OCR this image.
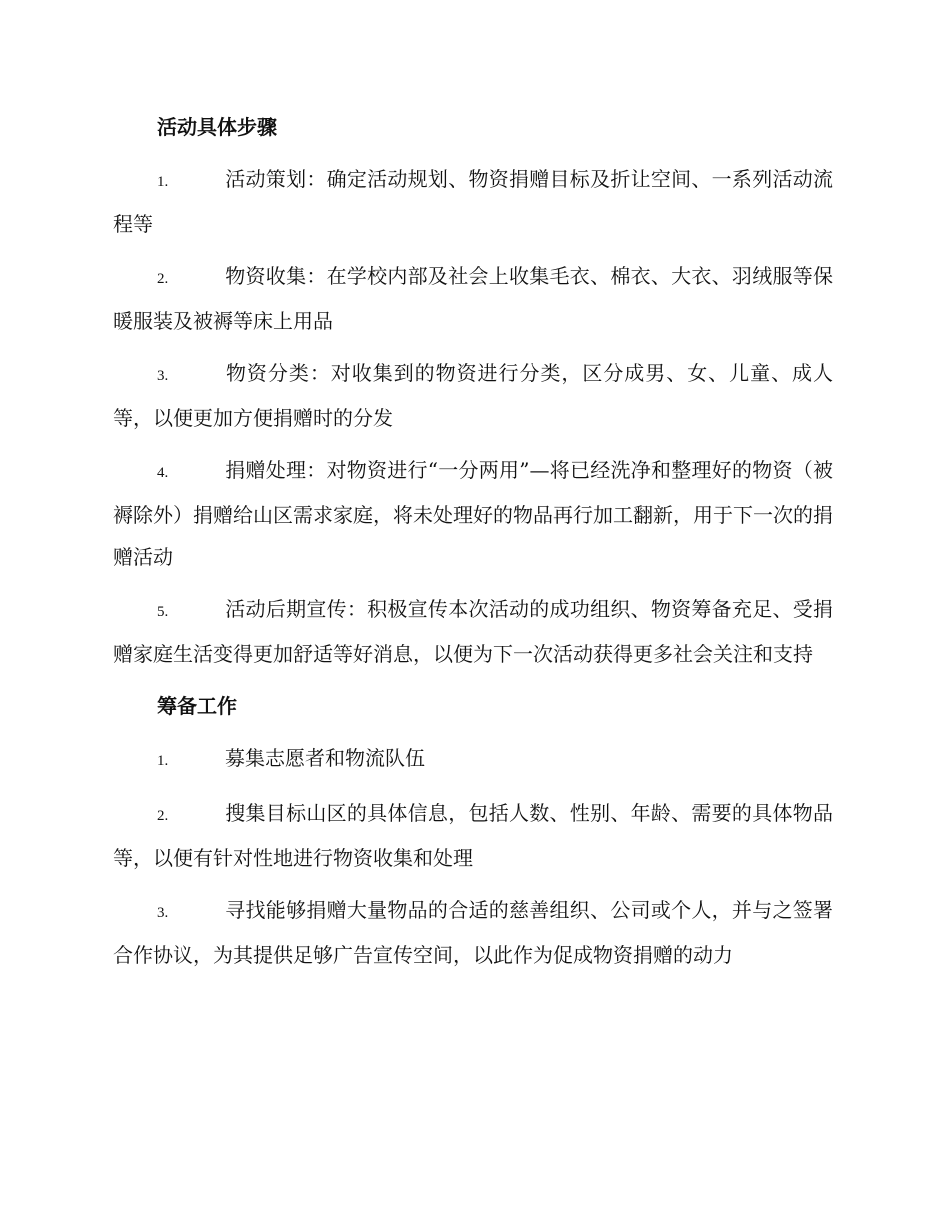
活动具体步骤

1.	活动策划：确定活动规划、物资捐赠目标及折让空间、一系列活动流程等

2.	物资收集：在学校内部及社会上收集毛衣、棉衣、大衣、羽绒服等保暖服装及被褥等床上用品

3.	物资分类：对收集到的物资进行分类，区分成男、女、儿童、成人等，以便更加方便捐赠时的分发

4.	捐赠处理：对物资进行“一分两用”—将已经洗净和整理好的物资（被褥除外）捐赠给山区需求家庭，将未处理好的物品再行加工翻新，用于下一次的捐赠活动

5.	活动后期宣传：积极宣传本次活动的成功组织、物资筹备充足、受捐赠家庭生活变得更加舒适等好消息，以便为下一次活动获得更多社会关注和支持

筹备工作

1.	募集志愿者和物流队伍

2.	搜集目标山区的具体信息，包括人数、性别、年龄、需要的具体物品等，以便有针对性地进行物资收集和处理

3.	寻找能够捐赠大量物品的合适的慈善组织、公司或个人，并与之签署合作协议，为其提供足够广告宣传空间，以此作为促成物资捐赠的动力
